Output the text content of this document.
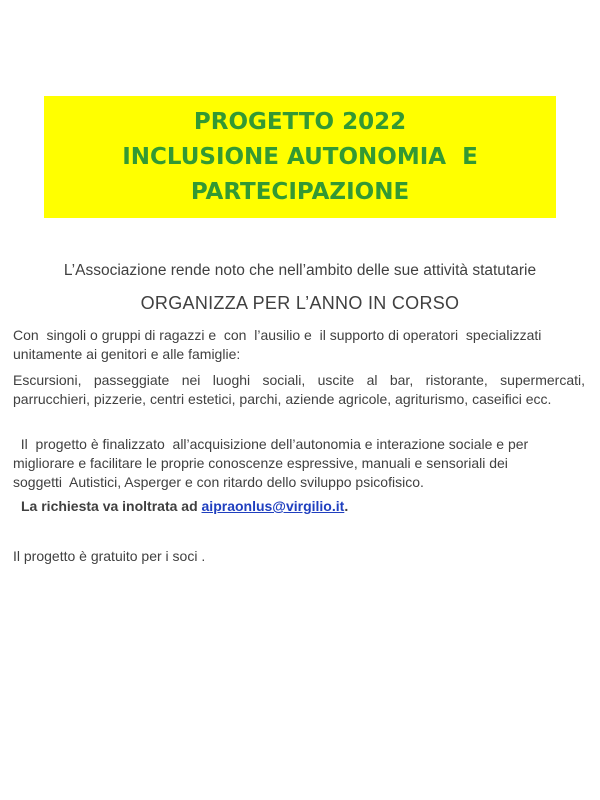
PROGETTO 2022
INCLUSIONE AUTONOMIA  E
PARTECIPAZIONE
L’Associazione rende noto che nell’ambito delle sue attività statutarie
ORGANIZZA PER L’ANNO IN CORSO
Con  singoli o gruppi di ragazzi e  con  l’ausilio e  il supporto di operatori  specializzati
unitamente ai genitori e alle famiglie:
Escursioni, passeggiate nei luoghi sociali, uscite al bar, ristorante, supermercati, parrucchieri, pizzerie, centri estetici, parchi, aziende agricole, agriturismo, caseifici ecc.
Il  progetto è finalizzato  all’acquisizione dell’autonomia e interazione sociale e per
migliorare e facilitare le proprie conoscenze espressive, manuali e sensoriali dei
soggetti  Autistici, Asperger e con ritardo dello sviluppo psicofisico.
La richiesta va inoltrata ad aipraonlus@virgilio.it.
Il progetto è gratuito per i soci .
